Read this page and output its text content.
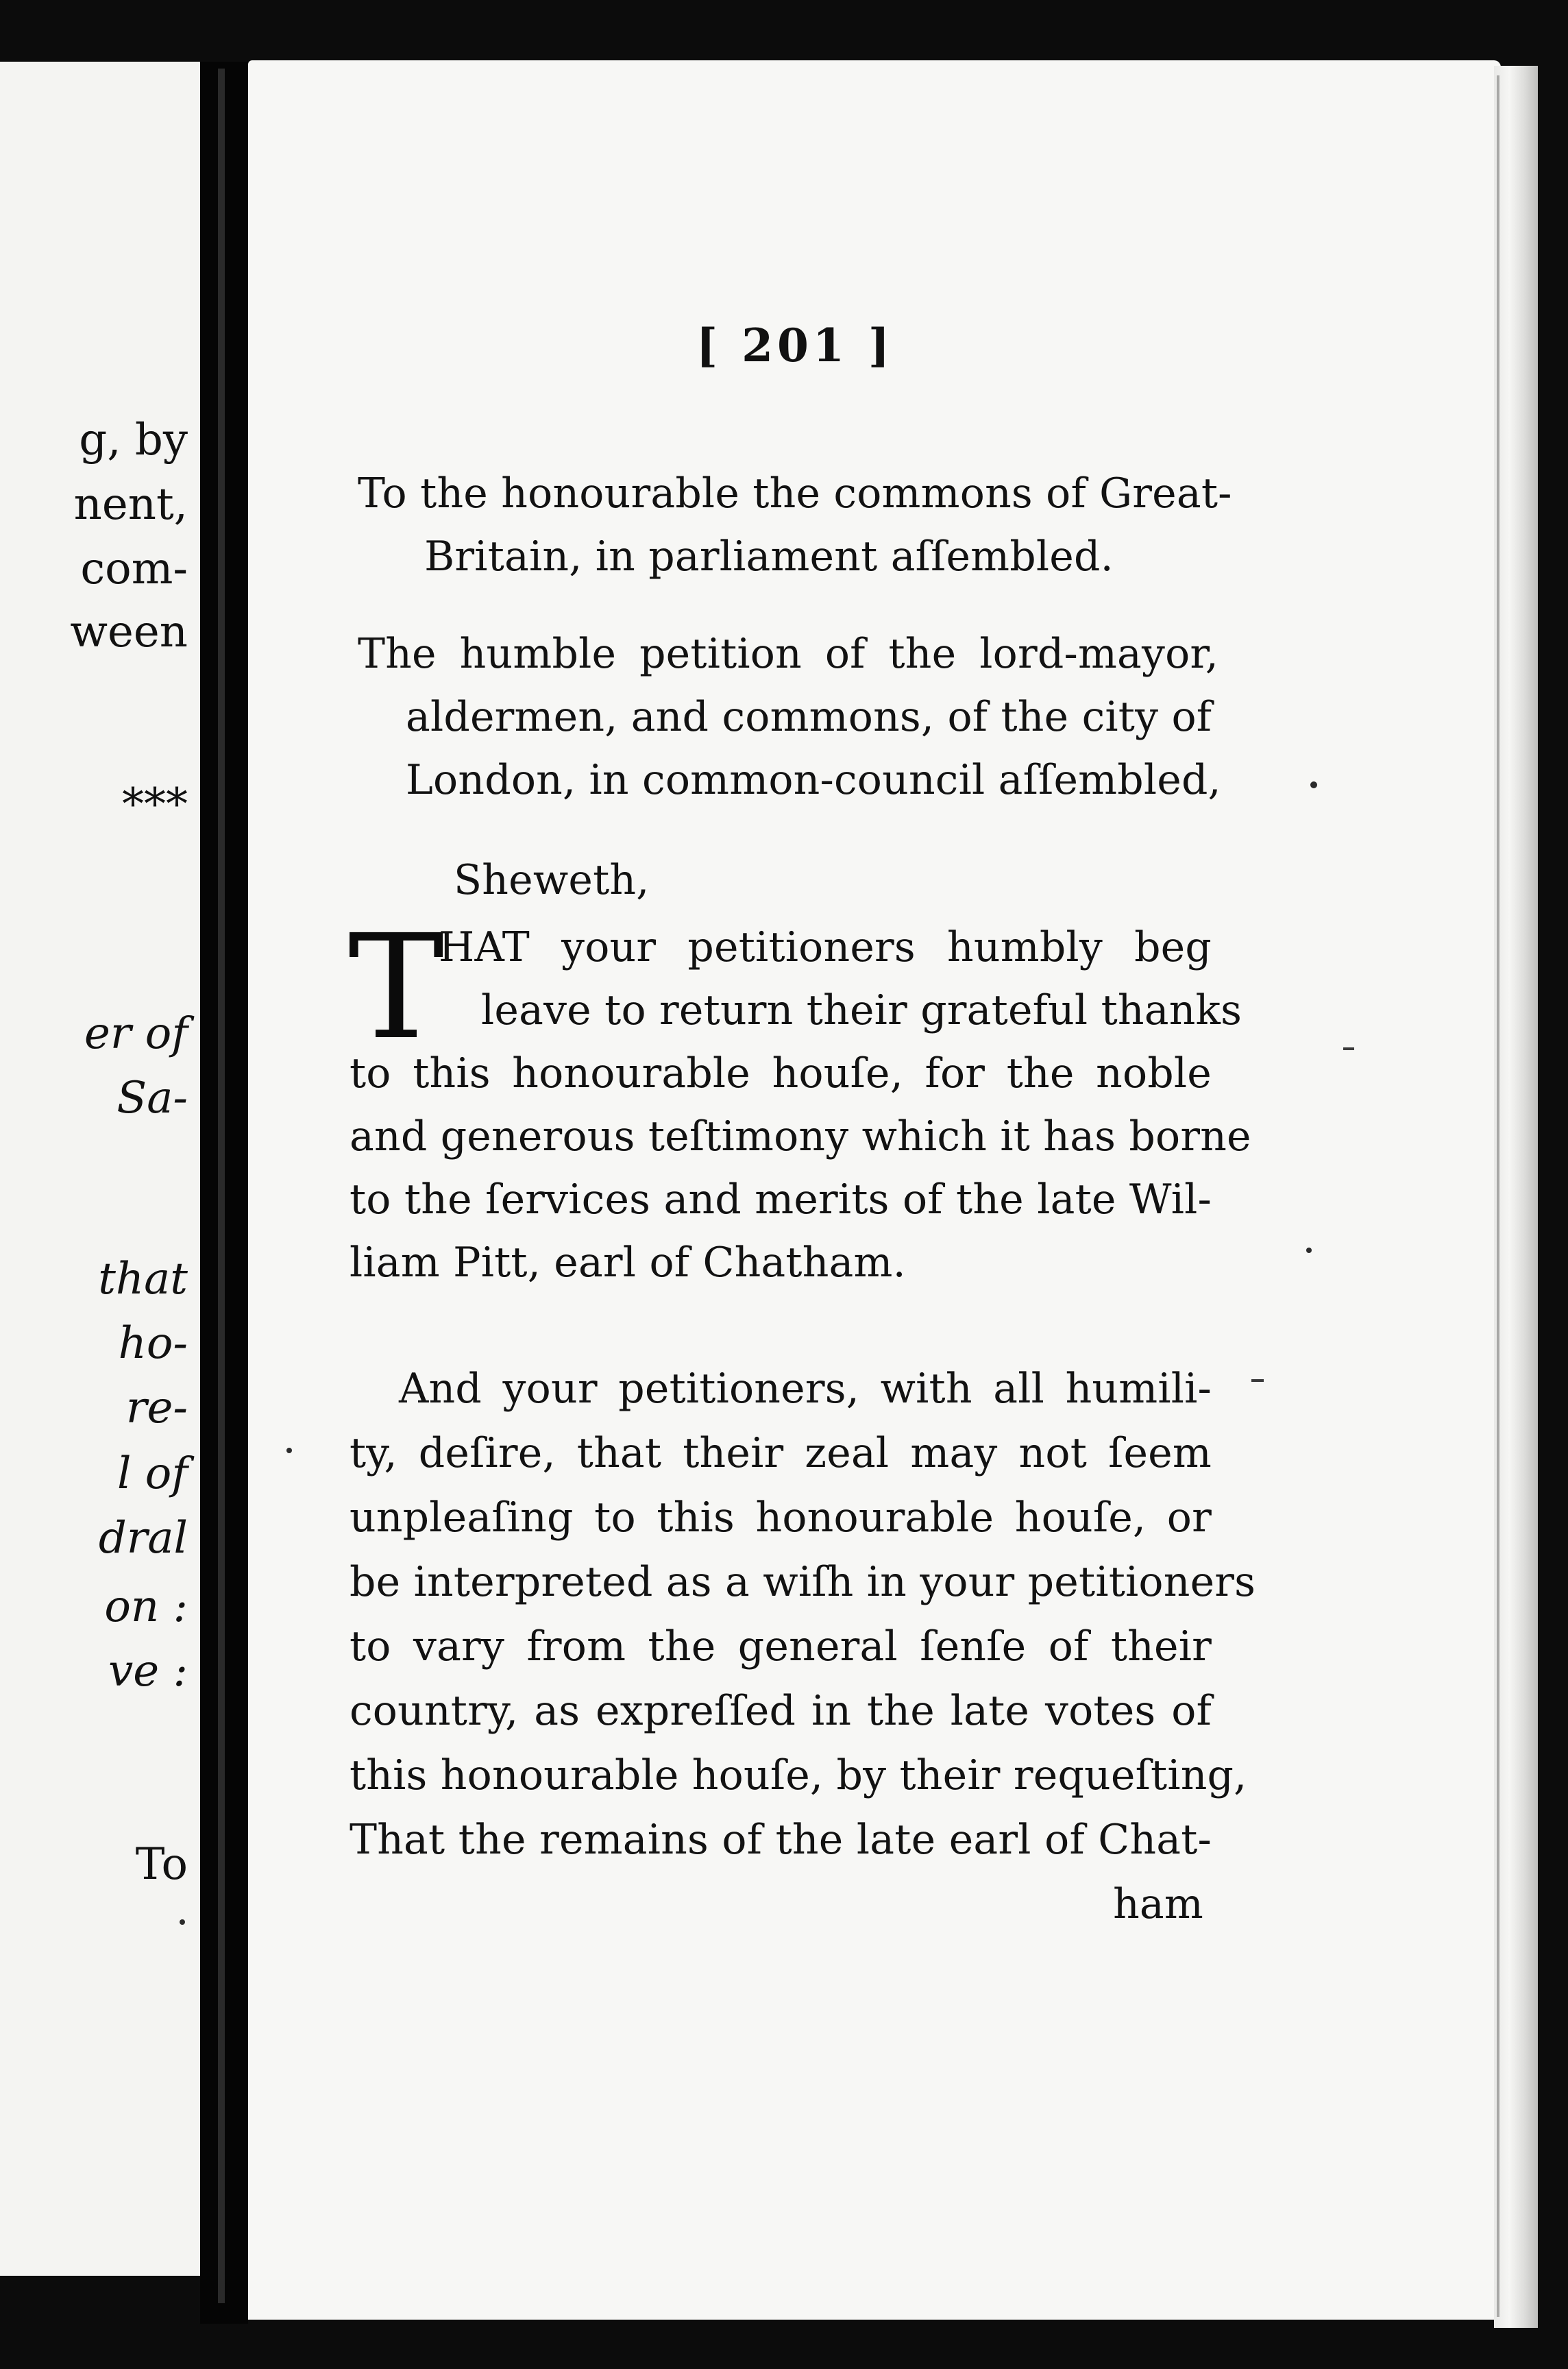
g, by
nent,
com-
ween
***
er of
Sa-
that
ho-
re-
l of
dral
on :
ve :
To
[ 201 ]
To the honourable the commons of Great-
Britain, in parliament aſſembled.
The humble petition of the lord-mayor,
aldermen, and commons, of the city of
London, in common-council aſſembled,
Sheweth,
T
HAT your petitioners humbly beg
leave to return their grateful thanks
to this honourable houſe, for the noble
and generous teſtimony which it has borne
to the ſervices and merits of the late Wil-
liam Pitt, earl of Chatham.
And your petitioners, with all humili-
ty, deſire, that their zeal may not ſeem
unpleaſing to this honourable houſe, or
be interpreted as a wiſh in your petitioners
to vary from the general ſenſe of their
country, as expreſſed in the late votes of
this honourable houſe, by their requeſting,
That the remains of the late earl of Chat-
ham
